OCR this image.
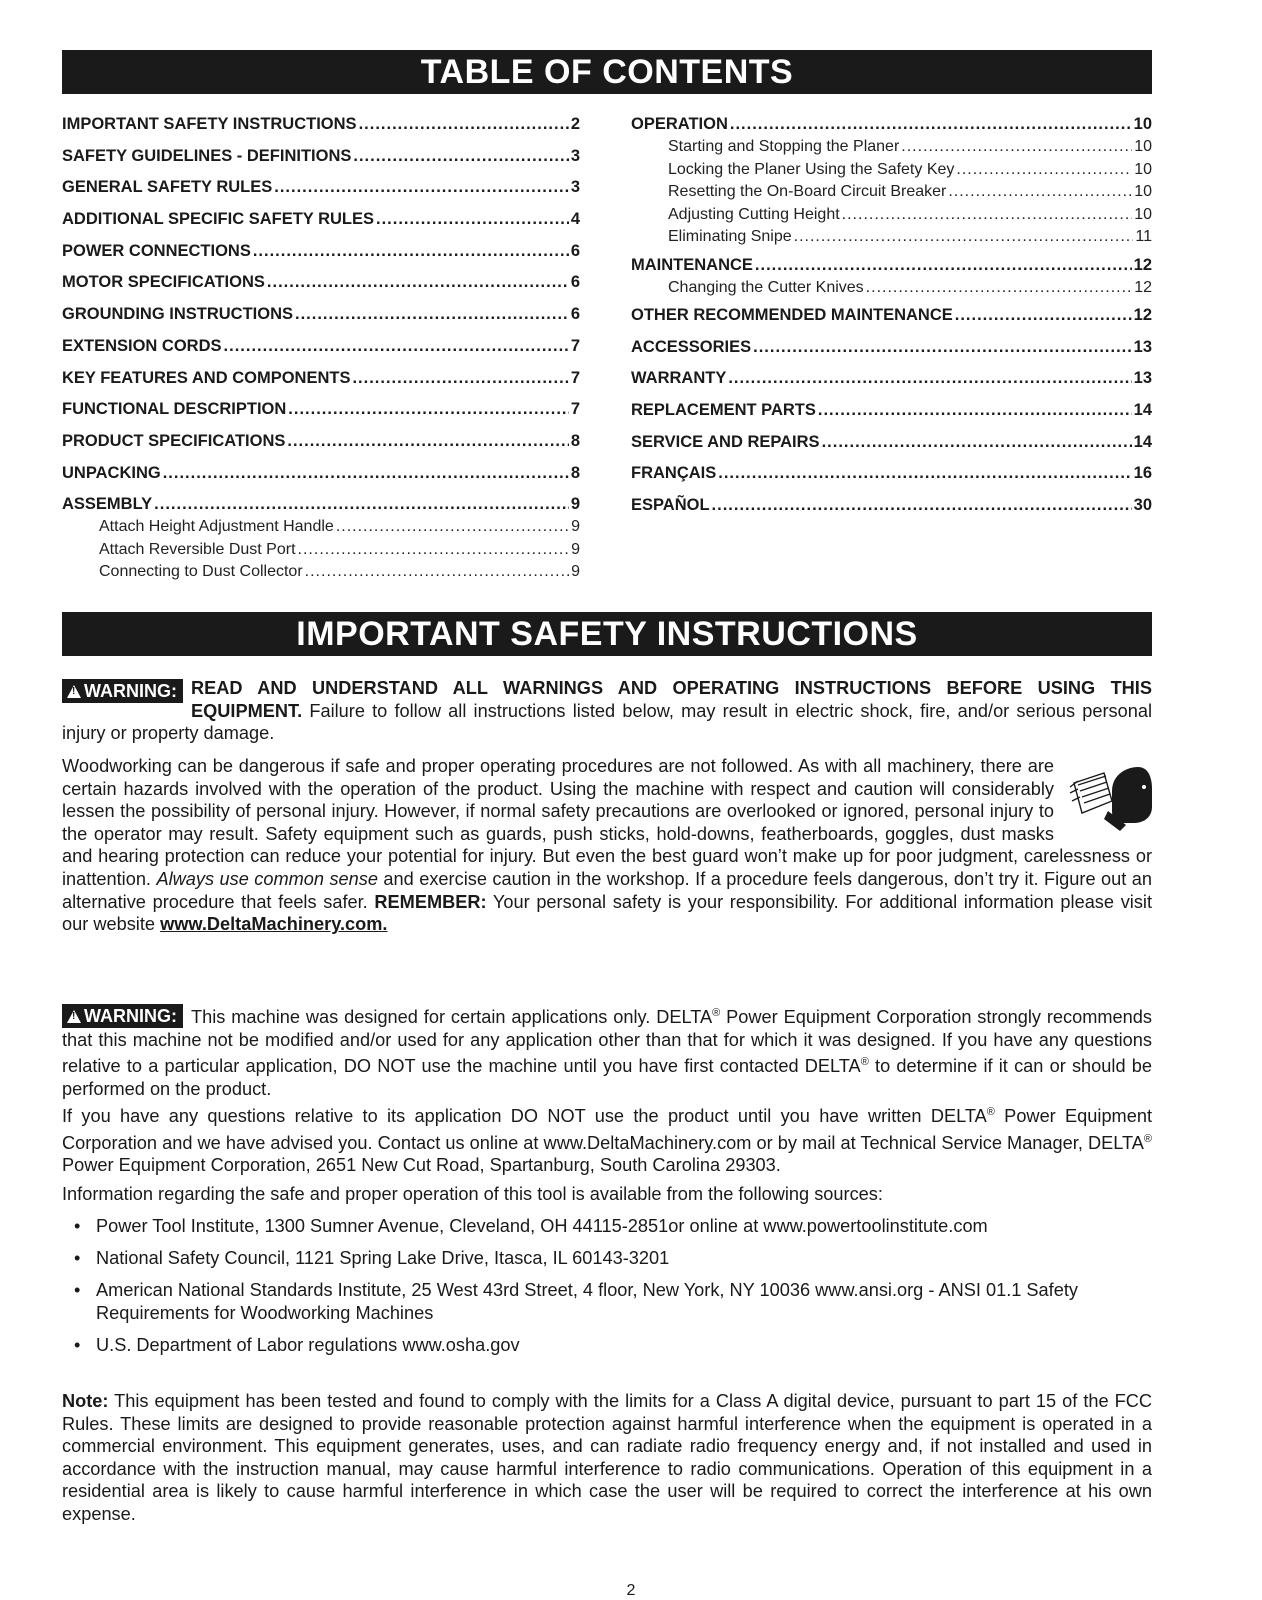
TABLE OF CONTENTS
IMPORTANT SAFETY INSTRUCTIONS .....	2
SAFETY GUIDELINES - DEFINITIONS .....	3
GENERAL SAFETY RULES .....	3
ADDITIONAL SPECIFIC SAFETY RULES .....	4
POWER CONNECTIONS .....	6
MOTOR SPECIFICATIONS .....	6
GROUNDING INSTRUCTIONS .....	6
EXTENSION CORDS .....	7
KEY FEATURES AND COMPONENTS .....	7
FUNCTIONAL DESCRIPTION .....	7
PRODUCT SPECIFICATIONS .....	8
UNPACKING .....	8
ASSEMBLY .....	9
Attach Height Adjustment Handle .....	9
Attach Reversible Dust Port .....	9
Connecting to Dust Collector .....	9
OPERATION .....	10
Starting and Stopping the Planer .....	10
Locking the Planer Using the Safety Key .....	10
Resetting the On-Board Circuit Breaker .....	10
Adjusting Cutting Height .....	10
Eliminating Snipe .....	11
MAINTENANCE .....	12
Changing the Cutter Knives .....	12
OTHER RECOMMENDED MAINTENANCE .....	12
ACCESSORIES .....	13
WARRANTY .....	13
REPLACEMENT PARTS .....	14
SERVICE AND REPAIRS .....	14
FRANÇAIS .....	16
ESPAÑOL .....	30
IMPORTANT SAFETY INSTRUCTIONS
!WARNING: READ AND UNDERSTAND ALL WARNINGS AND OPERATING INSTRUCTIONS BEFORE USING THIS EQUIPMENT. Failure to follow all instructions listed below, may result in electric shock, fire, and/or serious personal injury or property damage.
Woodworking can be dangerous if safe and proper operating procedures are not followed. As with all machinery, there are certain hazards involved with the operation of the product. Using the machine with respect and caution will considerably lessen the possibility of personal injury. However, if normal safety precautions are overlooked or ignored, personal injury to the operator may result. Safety equipment such as guards, push sticks, hold-downs, featherboards, goggles, dust masks and hearing protection can reduce your potential for injury. But even the best guard won’t make up for poor judgment, carelessness or inattention. Always use common sense and exercise caution in the workshop. If a procedure feels dangerous, don’t try it. Figure out an alternative procedure that feels safer. REMEMBER: Your personal safety is your responsibility. For additional information please visit our website www.DeltaMachinery.com.
!WARNING: This machine was designed for certain applications only. DELTA® Power Equipment Corporation strongly recommends that this machine not be modified and/or used for any application other than that for which it was designed. If you have any questions relative to a particular application, DO NOT use the machine until you have first contacted DELTA® to determine if it can or should be performed on the product.
If you have any questions relative to its application DO NOT use the product until you have written DELTA® Power Equipment Corporation and we have advised you. Contact us online at www.DeltaMachinery.com or by mail at Technical Service Manager, DELTA® Power Equipment Corporation, 2651 New Cut Road, Spartanburg, South Carolina 29303.
Information regarding the safe and proper operation of this tool is available from the following sources:
• Power Tool Institute, 1300 Sumner Avenue, Cleveland, OH 44115-2851or online at www.powertoolinstitute.com
• National Safety Council, 1121 Spring Lake Drive, Itasca, IL 60143-3201
• American National Standards Institute, 25 West 43rd Street, 4 floor, New York, NY 10036 www.ansi.org - ANSI 01.1 Safety Requirements for Woodworking Machines
• U.S. Department of Labor regulations www.osha.gov
Note: This equipment has been tested and found to comply with the limits for a Class A digital device, pursuant to part 15 of the FCC Rules. These limits are designed to provide reasonable protection against harmful interference when the equipment is operated in a commercial environment. This equipment generates, uses, and can radiate radio frequency energy and, if not installed and used in accordance with the instruction manual, may cause harmful interference to radio communications. Operation of this equipment in a residential area is likely to cause harmful interference in which case the user will be required to correct the interference at his own expense.
2
